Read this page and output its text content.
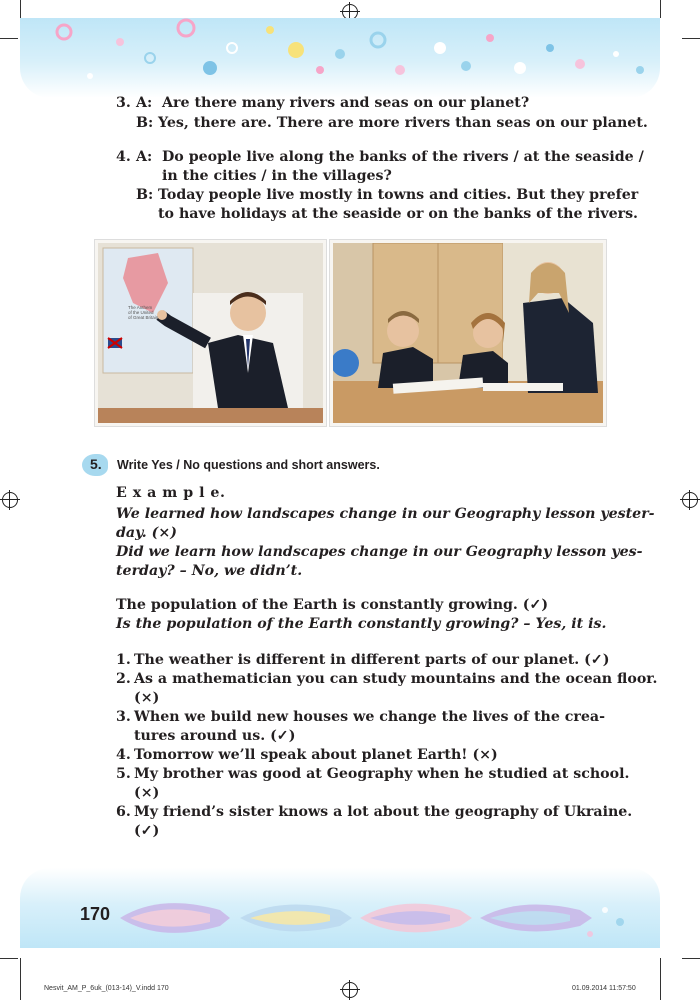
3. A: Are there many rivers and seas on our planet?
B: Yes, there are. There are more rivers than seas on our planet.
4. A: Do people live along the banks of the rivers / at the seaside /
in the cities / in the villages?
B: Today people live mostly in towns and cities. But they prefer
to have holidays at the seaside or on the banks of the rivers.
The Anthem
of the United
of Great Britain
5. Write Yes / No questions and short answers.
E x a m p l e.
We learned how landscapes change in our Geography lesson yester-
day. (×)
Did we learn how landscapes change in our Geography lesson yes-
terday? – No, we didn’t.
The population of the Earth is constantly growing. (✓)
Is the population of the Earth constantly growing? – Yes, it is.
1. The weather is different in different parts of our planet. (✓)
2. As a mathematician you can study mountains and the ocean floor.
(×)
3. When we build new houses we change the lives of the crea-
tures around us. (✓)
4. Tomorrow we’ll speak about planet Earth! (×)
5. My brother was good at Geography when he studied at school.
(×)
6. My friend’s sister knows a lot about the geography of Ukraine.
(✓)
170
Nesvit_AM_P_6uk_(013-14)_V.indd 170	01.09.2014 11:57:50
